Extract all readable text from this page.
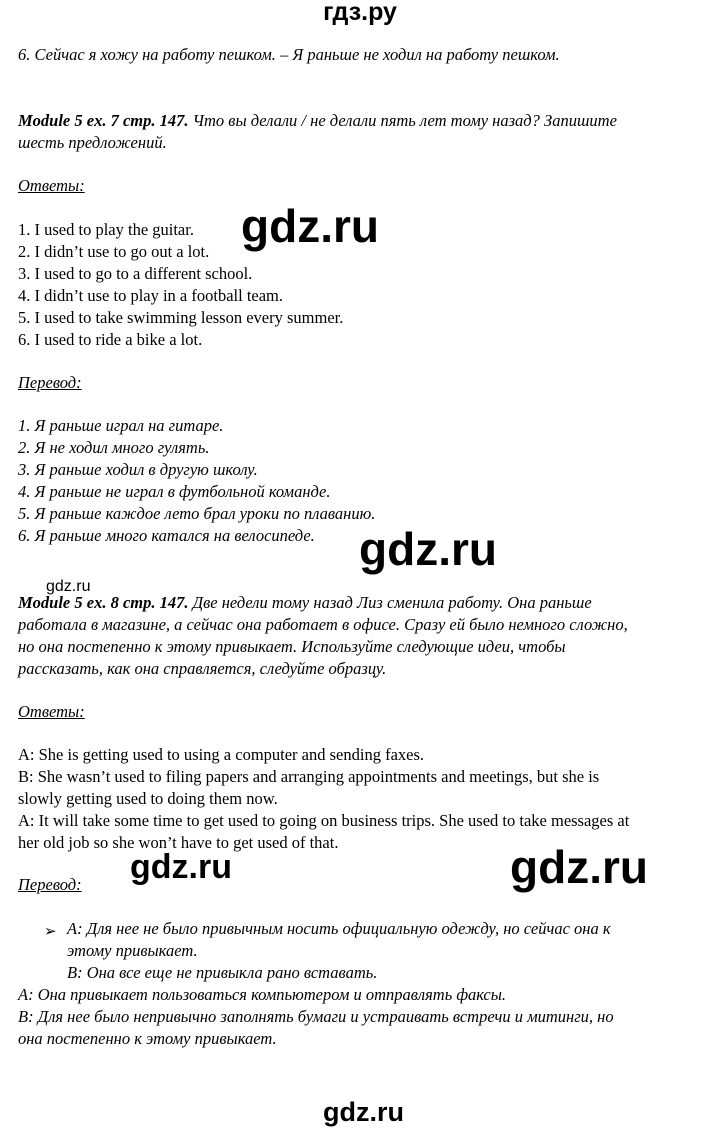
гдз.ру
6. Сейчас я хожу на работу пешком. – Я раньше не ходил на работу пешком.
Module 5 ex. 7 стр. 147. Что вы делали / не делали пять лет тому назад? Запишите
шесть предложений.
Ответы:
1. I used to play the guitar.
2. I didn’t use to go out a lot.
3. I used to go to a different school.
4. I didn’t use to play in a football team.
5. I used to take swimming lesson every summer.
6. I used to ride a bike a lot.
Перевод:
1. Я раньше играл на гитаре.
2. Я не ходил много гулять.
3. Я раньше ходил в другую школу.
4. Я раньше не играл в футбольной команде.
5. Я раньше каждое лето брал уроки по плаванию.
6. Я раньше много катался на велосипеде.
Module 5 ex. 8 стр. 147. Две недели тому назад Лиз сменила работу. Она раньше
работала в магазине, а сейчас она работает в офисе. Сразу ей было немного сложно,
но она постепенно к этому привыкает. Используйте следующие идеи, чтобы
рассказать, как она справляется, следуйте образцу.
Ответы:
A: She is getting used to using a computer and sending faxes.
B: She wasn’t used to filing papers and arranging appointments and meetings, but she is
slowly getting used to doing them now.
A: It will take some time to get used to going on business trips. She used to take messages at
her old job so she won’t have to get used of that.
Перевод:
➢ A: Для нее не было привычным носить официальную одежду, но сейчас она к
этому привыкает.
B: Она все еще не привыкла рано вставать.
A: Она привыкает пользоваться компьютером и отправлять факсы.
B: Для нее было непривычно заполнять бумаги и устраивать встречи и митинги, но
она постепенно к этому привыкает.
gdz.ru
gdz.ru
gdz.ru
gdz.ru	gdz.ru
gdz.ru
